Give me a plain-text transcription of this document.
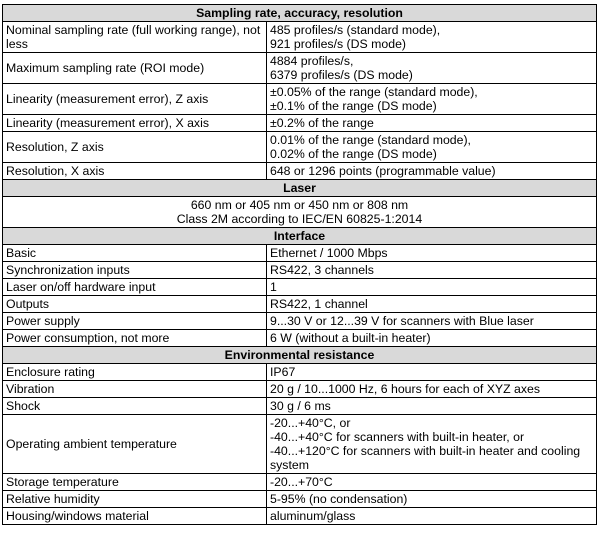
Sampling rate, accuracy, resolution	
Nominal sampling rate (full working range), not less	485 profiles/s (standard mode),
921 profiles/s (DS mode)

Maximum sampling rate (ROI mode)	4884 profiles/s,
6379 profiles/s (DS mode)

Linearity (measurement error), Z axis	±0.05% of the range (standard mode),
±0.1% of the range (DS mode)

Linearity (measurement error), X axis	±0.2% of the range

Resolution, Z axis	0.01% of the range (standard mode),
0.02% of the range (DS mode)

Resolution, X axis	648 or 1296 points (programmable value)

Laser	

660 nm or 405 nm or 450 nm or 808 nm
Class 2M according to IEC/EN 60825-1:2014	

Interface	
Basic	Ethernet / 1000 Mbps

Synchronization inputs	RS422, 3 channels

Laser on/off hardware input	1

Outputs	RS422, 1 channel

Power supply	9...30 V or 12...39 V for scanners with Blue laser

Power consumption, not more	6 W (without a built-in heater)

Environmental resistance	
Enclosure rating	IP67

Vibration	20 g / 10...1000 Hz, 6 hours for each of XYZ axes

Shock	30 g / 6 ms

Operating ambient temperature	-20...+40°C, or
-40...+40°C for scanners with built-in heater, or
-40...+120°C for scanners with built-in heater and cooling system

Storage temperature	-20...+70°C

Relative humidity	5-95% (no condensation)

Housing/windows material	aluminum/glass
